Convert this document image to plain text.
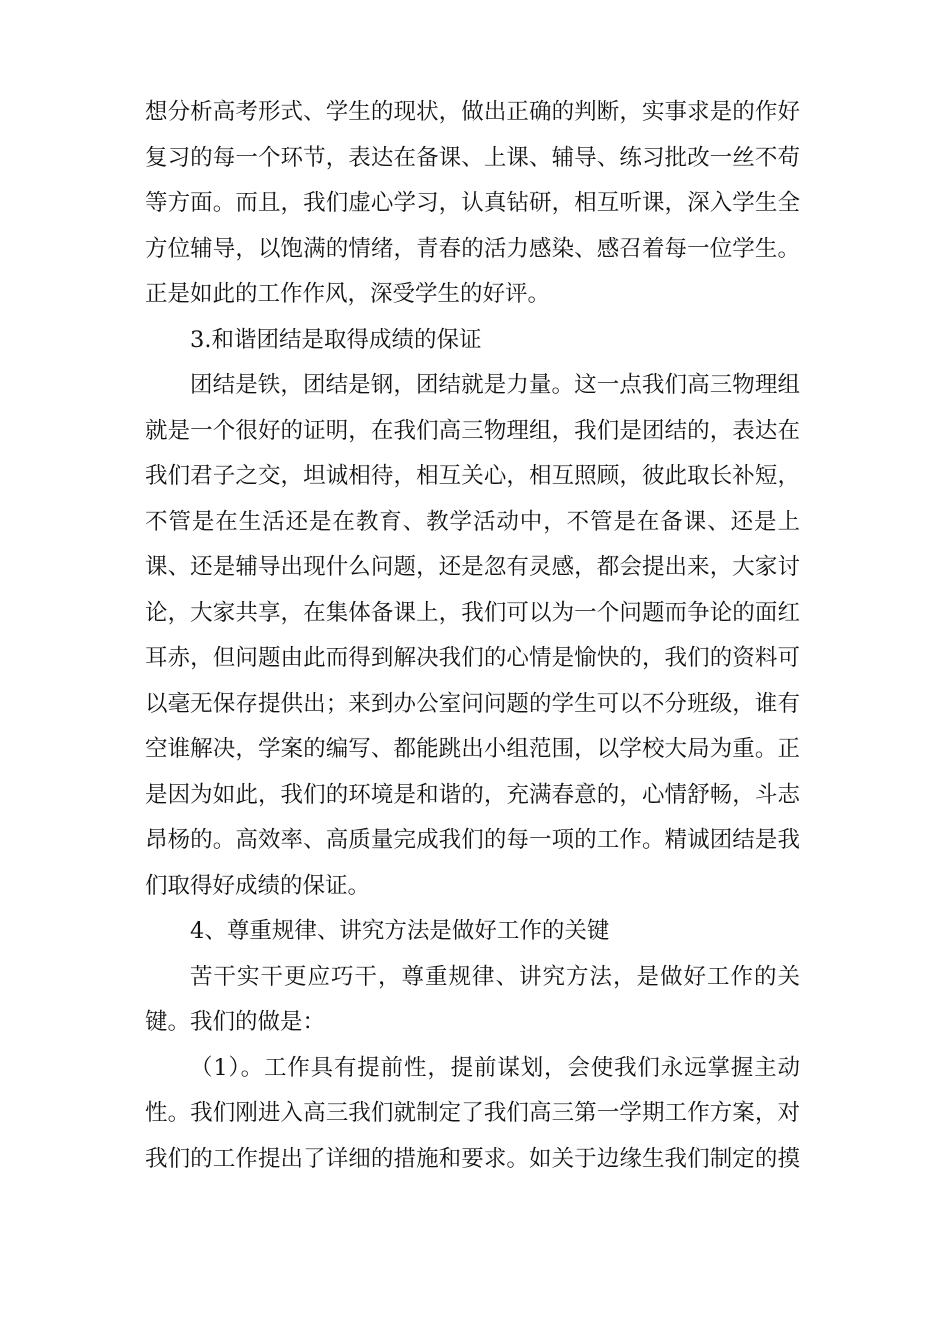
想分析高考形式、学生的现状，做出正确的判断，实事求是的作好
复习的每一个环节，表达在备课、上课、辅导、练习批改一丝不苟
等方面。而且，我们虚心学习，认真钻研，相互听课，深入学生全
方位辅导，以饱满的情绪，青春的活力感染、感召着每一位学生。
正是如此的工作作风，深受学生的好评。
3.和谐团结是取得成绩的保证
团结是铁，团结是钢，团结就是力量。这一点我们高三物理组
就是一个很好的证明，在我们高三物理组，我们是团结的，表达在
我们君子之交，坦诚相待，相互关心，相互照顾，彼此取长补短，
不管是在生活还是在教育、教学活动中，不管是在备课、还是上
课、还是辅导出现什么问题，还是忽有灵感，都会提出来，大家讨
论，大家共享，在集体备课上，我们可以为一个问题而争论的面红
耳赤，但问题由此而得到解决我们的心情是愉快的，我们的资料可
以毫无保存提供出；来到办公室问问题的学生可以不分班级，谁有
空谁解决，学案的编写、都能跳出小组范围，以学校大局为重。正
是因为如此，我们的环境是和谐的，充满春意的，心情舒畅，斗志
昂杨的。高效率、高质量完成我们的每一项的工作。精诚团结是我
们取得好成绩的保证。
4、尊重规律、讲究方法是做好工作的关键
苦干实干更应巧干，尊重规律、讲究方法，是做好工作的关
键。我们的做是：
（1）。工作具有提前性，提前谋划，会使我们永远掌握主动
性。我们刚进入高三我们就制定了我们高三第一学期工作方案，对
我们的工作提出了详细的措施和要求。如关于边缘生我们制定的摸
